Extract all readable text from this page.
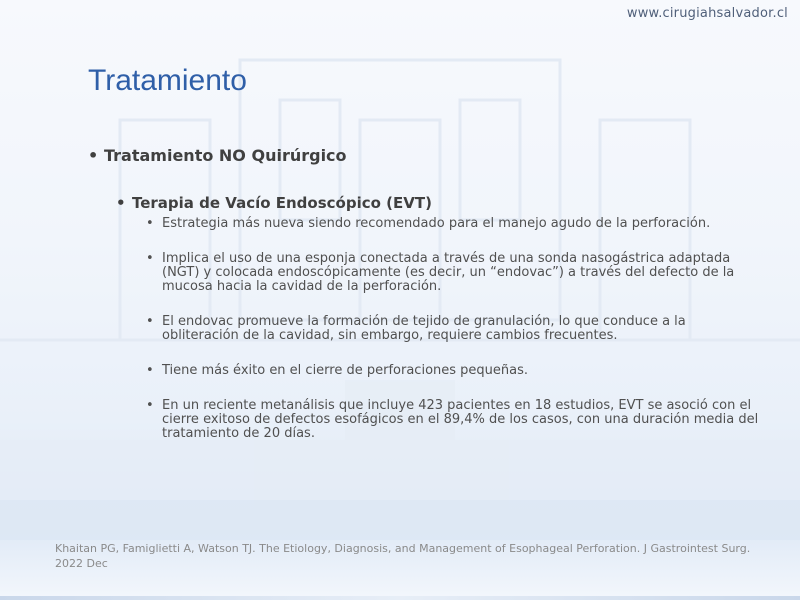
www.cirugiahsalvador.cl
Tratamiento
• Tratamiento NO Quirúrgico
• Terapia de Vacío Endoscópico (EVT)
• Estrategia más nueva siendo recomendado para el manejo agudo de la perforación.
• Implica el uso de una esponja conectada a través de una sonda nasogástrica adaptada (NGT) y colocada endoscópicamente (es decir, un “endovac”) a través del defecto de la mucosa hacia la cavidad de la perforación.
• El endovac promueve la formación de tejido de granulación, lo que conduce a la obliteración de la cavidad, sin embargo, requiere cambios frecuentes.
• Tiene más éxito en el cierre de perforaciones pequeñas.
• En un reciente metanálisis que incluye 423 pacientes en 18 estudios, EVT se asoció con el cierre exitoso de defectos esofágicos en el 89,4% de los casos, con una duración media del tratamiento de 20 días.
Khaitan PG, Famiglietti A, Watson TJ. The Etiology, Diagnosis, and Management of Esophageal Perforation. J Gastrointest Surg. 2022 Dec
